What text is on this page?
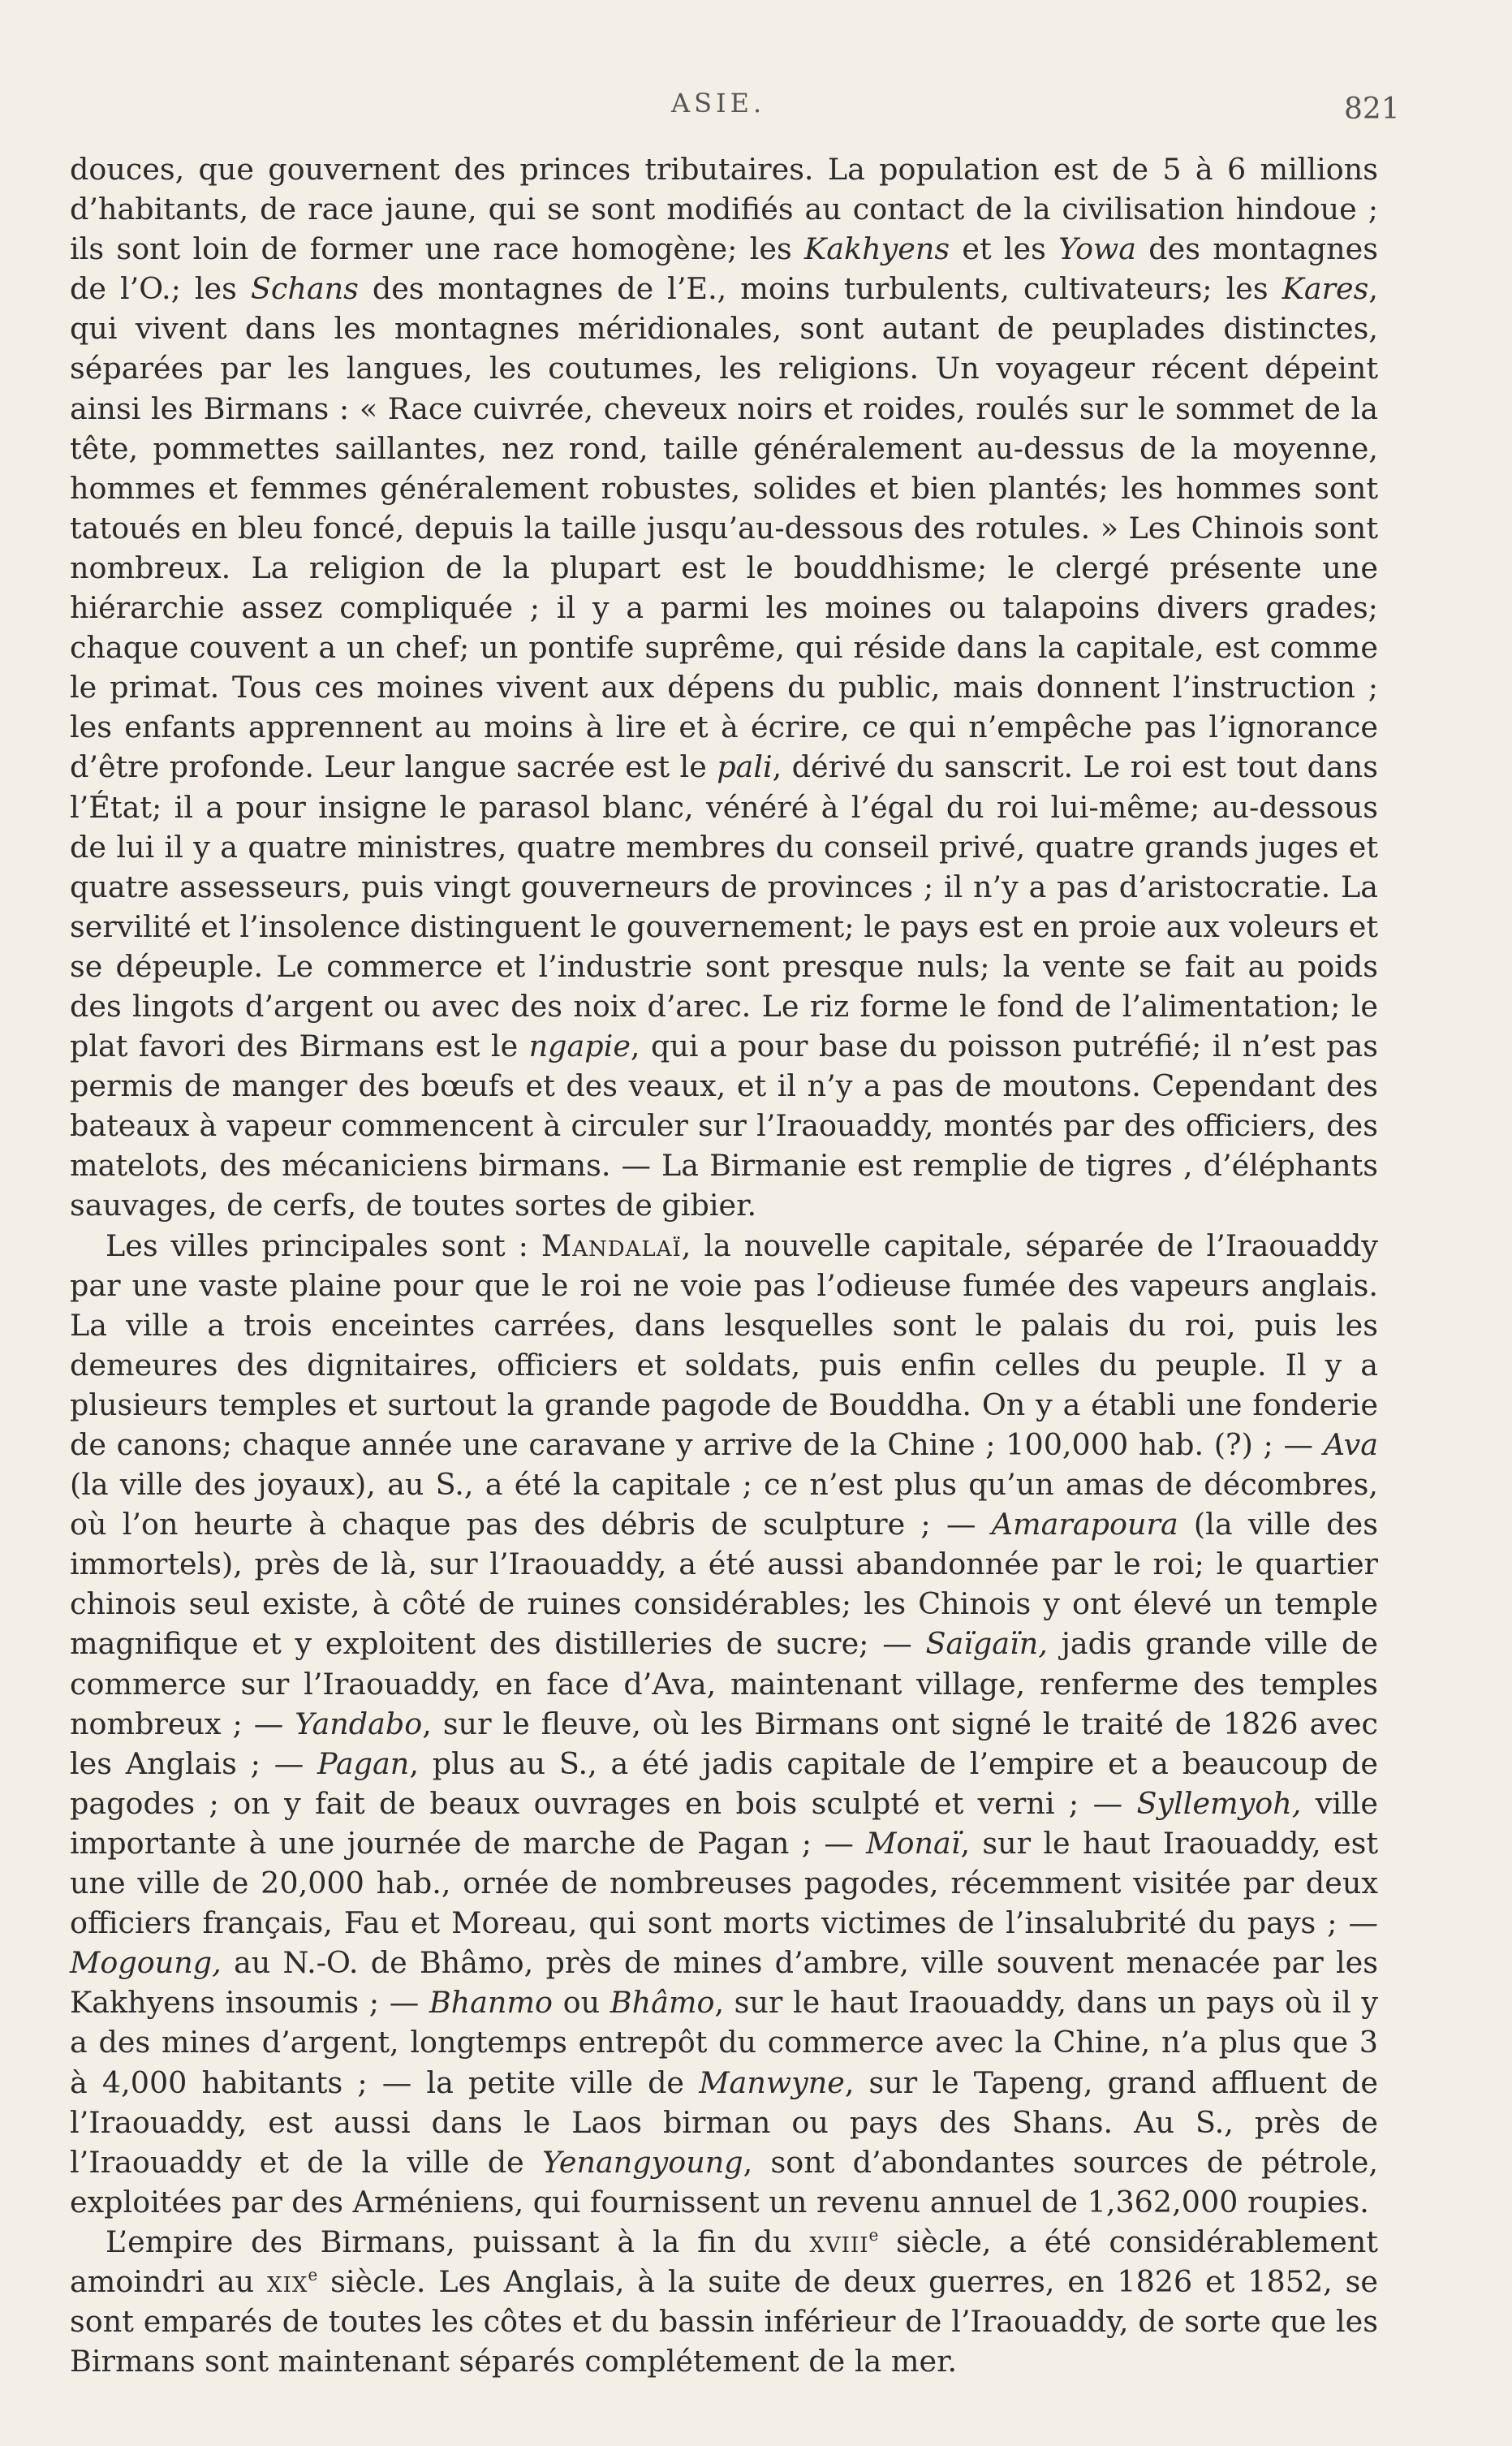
ASIE.	821

douces, que gouvernent des princes tributaires. La population est de 5 à 6 millions d’habitants, de race jaune, qui se sont modifiés au contact de la civilisation hindoue ; ils sont loin de former une race homogène; les Kakhyens et les Yowa des montagnes de l’O.; les Schans des montagnes de l’E., moins turbulents, cultivateurs; les Kares, qui vivent dans les montagnes méridionales, sont autant de peuplades distinctes, séparées par les langues, les coutumes, les religions. Un voyageur récent dépeint ainsi les Birmans : « Race cuivrée, cheveux noirs et roides, roulés sur le sommet de la tête, pommettes saillantes, nez rond, taille généralement au-dessus de la moyenne, hommes et femmes généralement robustes, solides et bien plantés; les hommes sont tatoués en bleu foncé, depuis la taille jusqu’au-dessous des rotules. » Les Chinois sont nombreux. La religion de la plupart est le bouddhisme; le clergé présente une hiérarchie assez compliquée ; il y a parmi les moines ou talapoins divers grades; chaque couvent a un chef; un pontife suprême, qui réside dans la capitale, est comme le primat. Tous ces moines vivent aux dépens du public, mais donnent l’instruction ; les enfants apprennent au moins à lire et à écrire, ce qui n’empêche pas l’ignorance d’être profonde. Leur langue sacrée est le pali, dérivé du sanscrit. Le roi est tout dans l’État; il a pour insigne le parasol blanc, vénéré à l’égal du roi lui-même; au-dessous de lui il y a quatre ministres, quatre membres du conseil privé, quatre grands juges et quatre assesseurs, puis vingt gouverneurs de provinces ; il n’y a pas d’aristocratie. La servilité et l’insolence distinguent le gouvernement; le pays est en proie aux voleurs et se dépeuple. Le commerce et l’industrie sont presque nuls; la vente se fait au poids des lingots d’argent ou avec des noix d’arec. Le riz forme le fond de l’alimentation; le plat favori des Birmans est le ngapie, qui a pour base du poisson putréfié; il n’est pas permis de manger des bœufs et des veaux, et il n’y a pas de moutons. Cependant des bateaux à vapeur commencent à circuler sur l’Iraouaddy, montés par des officiers, des matelots, des mécaniciens birmans. — La Birmanie est remplie de tigres , d’éléphants sauvages, de cerfs, de toutes sortes de gibier.

Les villes principales sont : Mandalaï, la nouvelle capitale, séparée de l’Iraouaddy par une vaste plaine pour que le roi ne voie pas l’odieuse fumée des vapeurs anglais. La ville a trois enceintes carrées, dans lesquelles sont le palais du roi, puis les demeures des dignitaires, officiers et soldats, puis enfin celles du peuple. Il y a plusieurs temples et surtout la grande pagode de Bouddha. On y a établi une fonderie de canons; chaque année une caravane y arrive de la Chine ; 100,000 hab. (?) ; — Ava (la ville des joyaux), au S., a été la capitale ; ce n’est plus qu’un amas de décombres, où l’on heurte à chaque pas des débris de sculpture ; — Amarapoura (la ville des immortels), près de là, sur l’Iraouaddy, a été aussi abandonnée par le roi; le quartier chinois seul existe, à côté de ruines considérables; les Chinois y ont élevé un temple magnifique et y exploitent des distilleries de sucre; — Saïgaïn, jadis grande ville de commerce sur l’Iraouaddy, en face d’Ava, maintenant village, renferme des temples nombreux ; — Yandabo, sur le fleuve, où les Birmans ont signé le traité de 1826 avec les Anglais ; — Pagan, plus au S., a été jadis capitale de l’empire et a beaucoup de pagodes ; on y fait de beaux ouvrages en bois sculpté et verni ; — Syllemyoh, ville importante à une journée de marche de Pagan ; — Monaï, sur le haut Iraouaddy, est une ville de 20,000 hab., ornée de nombreuses pagodes, récemment visitée par deux officiers français, Fau et Moreau, qui sont morts victimes de l’insalubrité du pays ; — Mogoung, au N.-O. de Bhâmo, près de mines d’ambre, ville souvent menacée par les Kakhyens insoumis ; — Bhanmo ou Bhâmo, sur le haut Iraouaddy, dans un pays où il y a des mines d’argent, longtemps entrepôt du commerce avec la Chine, n’a plus que 3 à 4,000 habitants ; — la petite ville de Manwyne, sur le Tapeng, grand affluent de l’Iraouaddy, est aussi dans le Laos birman ou pays des Shans. Au S., près de l’Iraouaddy et de la ville de Yenangyoung, sont d’abondantes sources de pétrole, exploitées par des Arméniens, qui fournissent un revenu annuel de 1,362,000 roupies.

L’empire des Birmans, puissant à la fin du xviii$^e$ siècle, a été considérablement amoindri au xix$^e$ siècle. Les Anglais, à la suite de deux guerres, en 1826 et 1852, se sont emparés de toutes les côtes et du bassin inférieur de l’Iraouaddy, de sorte que les Birmans sont maintenant séparés complétement de la mer.
